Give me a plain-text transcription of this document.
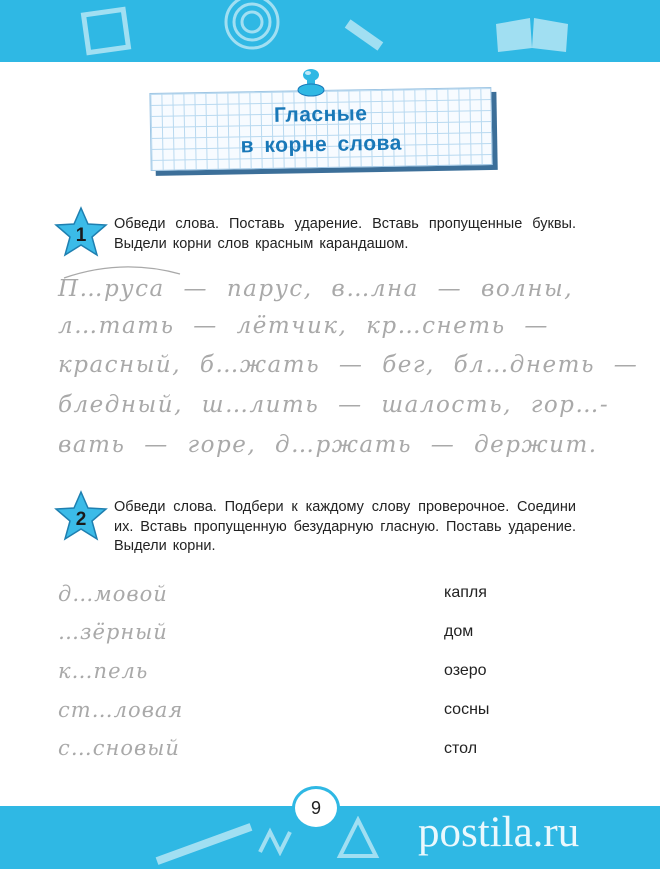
Гласные
в корне слова
1
Обведи слова. Поставь ударение. Вставь пропущенные буквы. Выдели корни слов красным карандашом.
П…руса — парус, в…лна — волны,
л…тать — лётчик, кр…снеть —
красный, б…жать — бег, бл…днеть —
бледный, ш…лить — шалость, гор…-
вать — горе, д…ржать — держит.
2
Обведи слова. Подбери к каждому слову проверочное. Соедини их. Вставь пропущенную безударную гласную. Поставь ударение. Выдели корни.
д…мовой
…зёрный
к…пель
ст…ловая
с…сновый
капля
дом
озеро
сосны
стол
9
postila.ru
